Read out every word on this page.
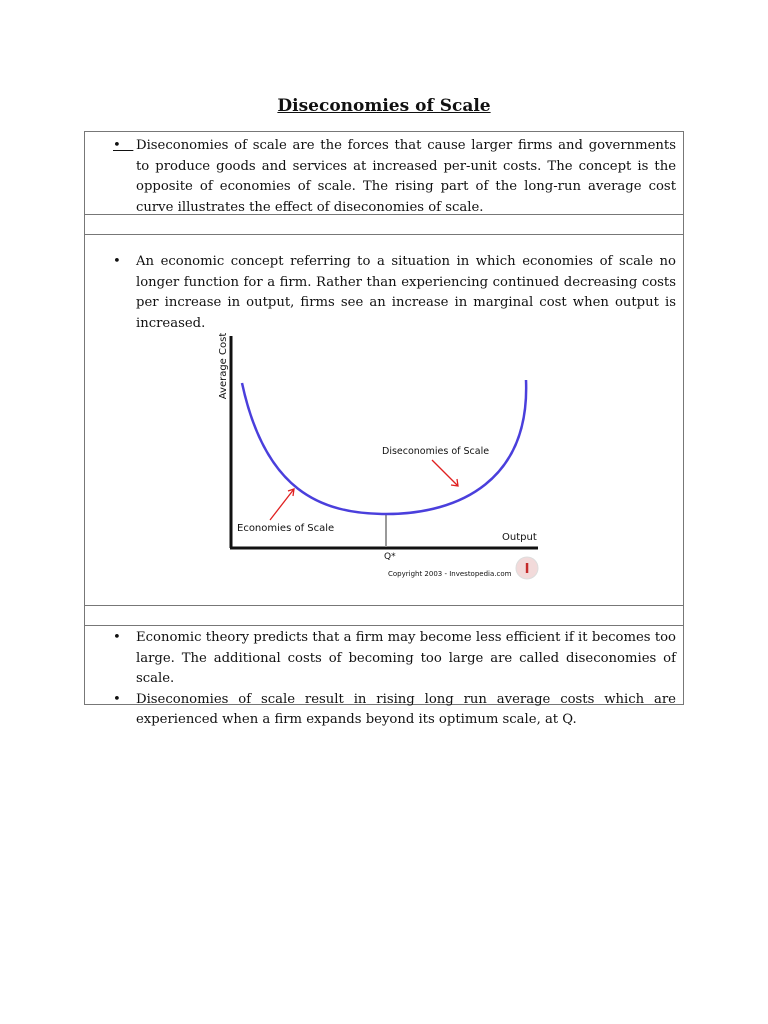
Diseconomies of Scale
• Diseconomies of scale are the forces that cause larger firms and governments to produce goods and services at increased per-unit costs. The concept is the opposite of economies of scale. The rising part of the long-run average cost curve illustrates the effect of diseconomies of scale.
• An economic concept referring to a situation in which economies of scale no longer function for a firm. Rather than experiencing continued decreasing costs per increase in output, firms see an increase in marginal cost when output is increased.
• Economic theory predicts that a firm may become less efficient if it becomes too large. The additional costs of becoming too large are called diseconomies of scale.
• Diseconomies of scale result in rising long run average costs which are experienced when a firm expands beyond its optimum scale, at Q.
Average Cost
Output
Q*
Diseconomies of Scale
Economies of Scale
Copyright 2003 - Investopedia.com I
